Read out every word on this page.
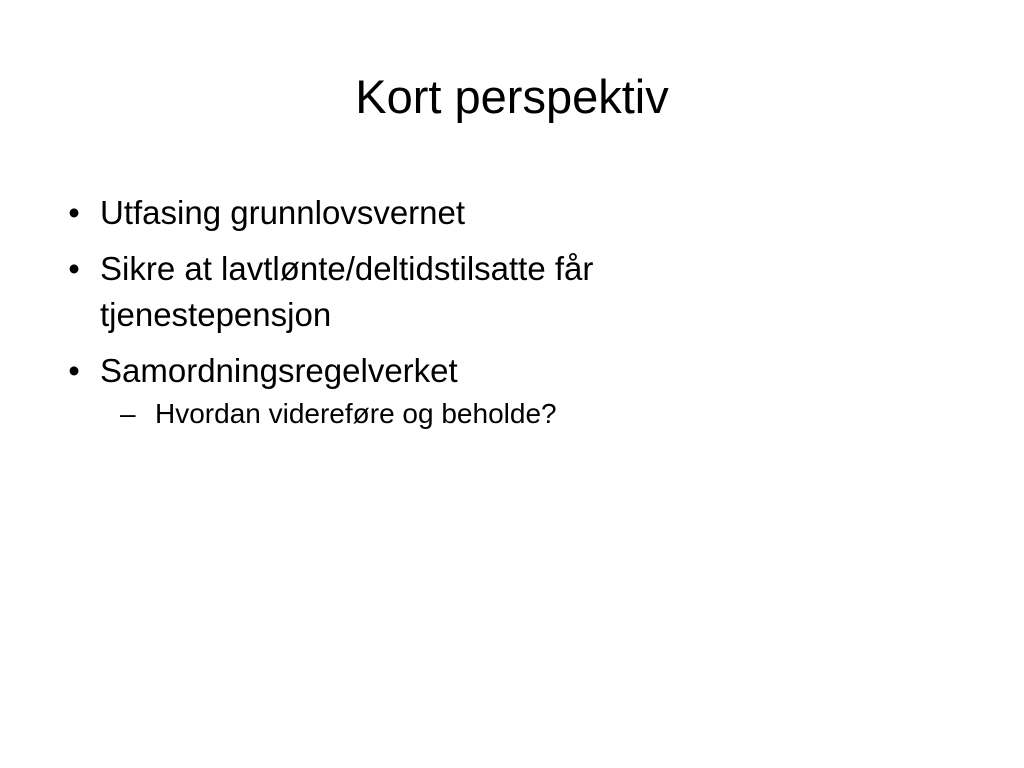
Kort perspektiv
• Utfasing grunnlovsvernet
• Sikre at lavtlønte/deltidstilsatte får tjenestepensjon
• Samordningsregelverket
– Hvordan videreføre og beholde?
